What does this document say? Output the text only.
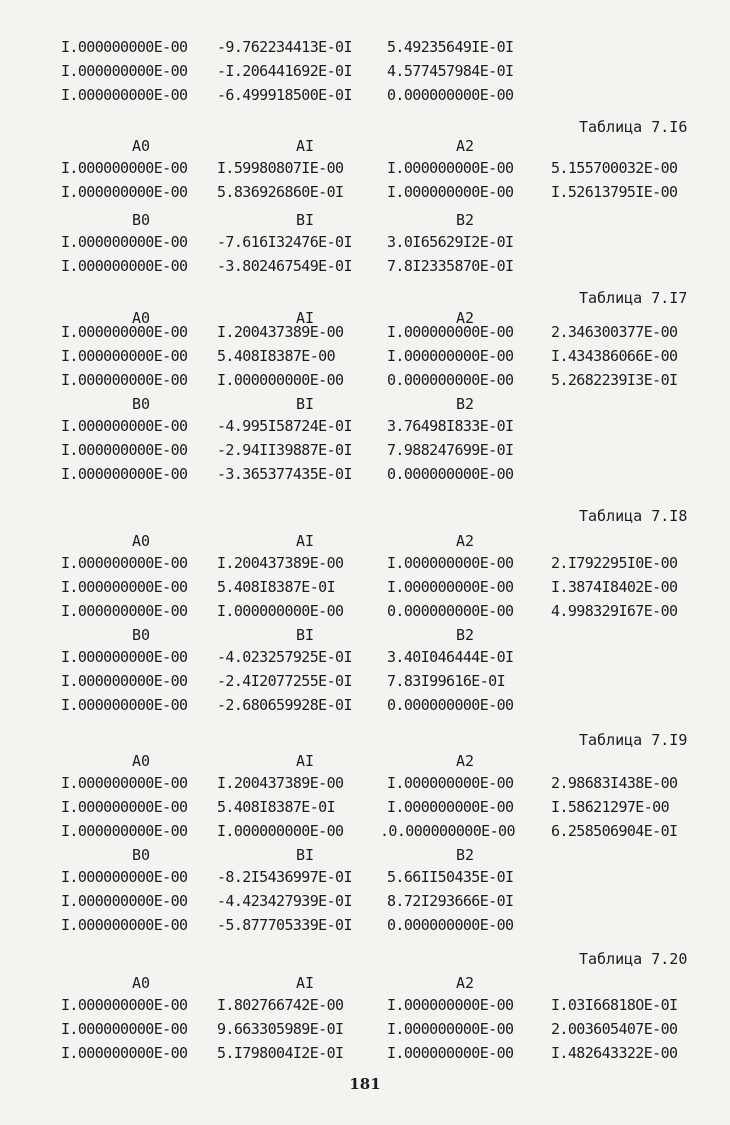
I.000000000E-00 -9.762234413E-0I 5.49235649IE-0I
I.000000000E-00 -I.206441692E-0I 4.577457984E-0I
I.000000000E-00 -6.499918500E-0I 0.000000000E-00
Таблица 7.I6
A0	AI	A2
I.000000000E-00 I.59980807IE-00	I.000000000E-00	5.155700032E-00
I.000000000E-00 5.836926860E-0I	I.000000000E-00	I.52613795IE-00
B0	BI	B2
I.000000000E-00 -7.616I32476E-0I 3.0I65629I2E-0I
I.000000000E-00 -3.802467549E-0I 7.8I2335870E-0I
Таблица 7.I7
A0	AI	A2
I.000000000E-00 I.200437389E-00	I.000000000E-00	2.346300377E-00
I.000000000E-00 5.408I8387E-00	I.000000000E-00	I.434386066E-00
I.000000000E-00 I.000000000E-00	0.000000000E-00	5.2682239I3E-0I
B0	BI	B2
I.000000000E-00 -4.995I58724E-0I 3.76498I833E-0I
I.000000000E-00 -2.94II39887E-0I 7.988247699E-0I
I.000000000E-00 -3.365377435E-0I 0.000000000E-00
Таблица 7.I8
A0	AI	A2
I.000000000E-00 I.200437389E-00	I.000000000E-00	2.I792295I0E-00
I.000000000E-00 5.408I8387E-0I	I.000000000E-00	I.3874I8402E-00
I.000000000E-00 I.000000000E-00	0.000000000E-00	4.998329I67E-00
B0	BI	B2
I.000000000E-00 -4.023257925E-0I 3.40I046444E-0I
I.000000000E-00 -2.4I2077255E-0I 7.83I99616E-0I
I.000000000E-00 -2.680659928E-0I 0.000000000E-00
Таблица 7.I9
A0	AI	A2
I.000000000E-00 I.200437389E-00	I.000000000E-00	2.98683I438E-00
I.000000000E-00 5.408I8387E-0I	I.000000000E-00	I.58621297E-00
I.000000000E-00 I.000000000E-00 .0.000000000E-00 6.258506904E-0I
B0	BI	B2
I.000000000E-00 -8.2I5436997E-0I 5.66II50435E-0I
I.000000000E-00 -4.423427939E-0I 8.72I293666E-0I
I.000000000E-00 -5.877705339E-0I 0.000000000E-00
Таблица 7.20
A0	AI	A2
I.000000000E-00 I.802766742E-00	I.000000000E-00	I.03I66818OE-0I
I.000000000E-00 9.663305989E-0I	I.000000000E-00	2.003605407E-00
I.000000000E-00 5.I798004I2E-0I	I.000000000E-00	I.482643322E-00
181
